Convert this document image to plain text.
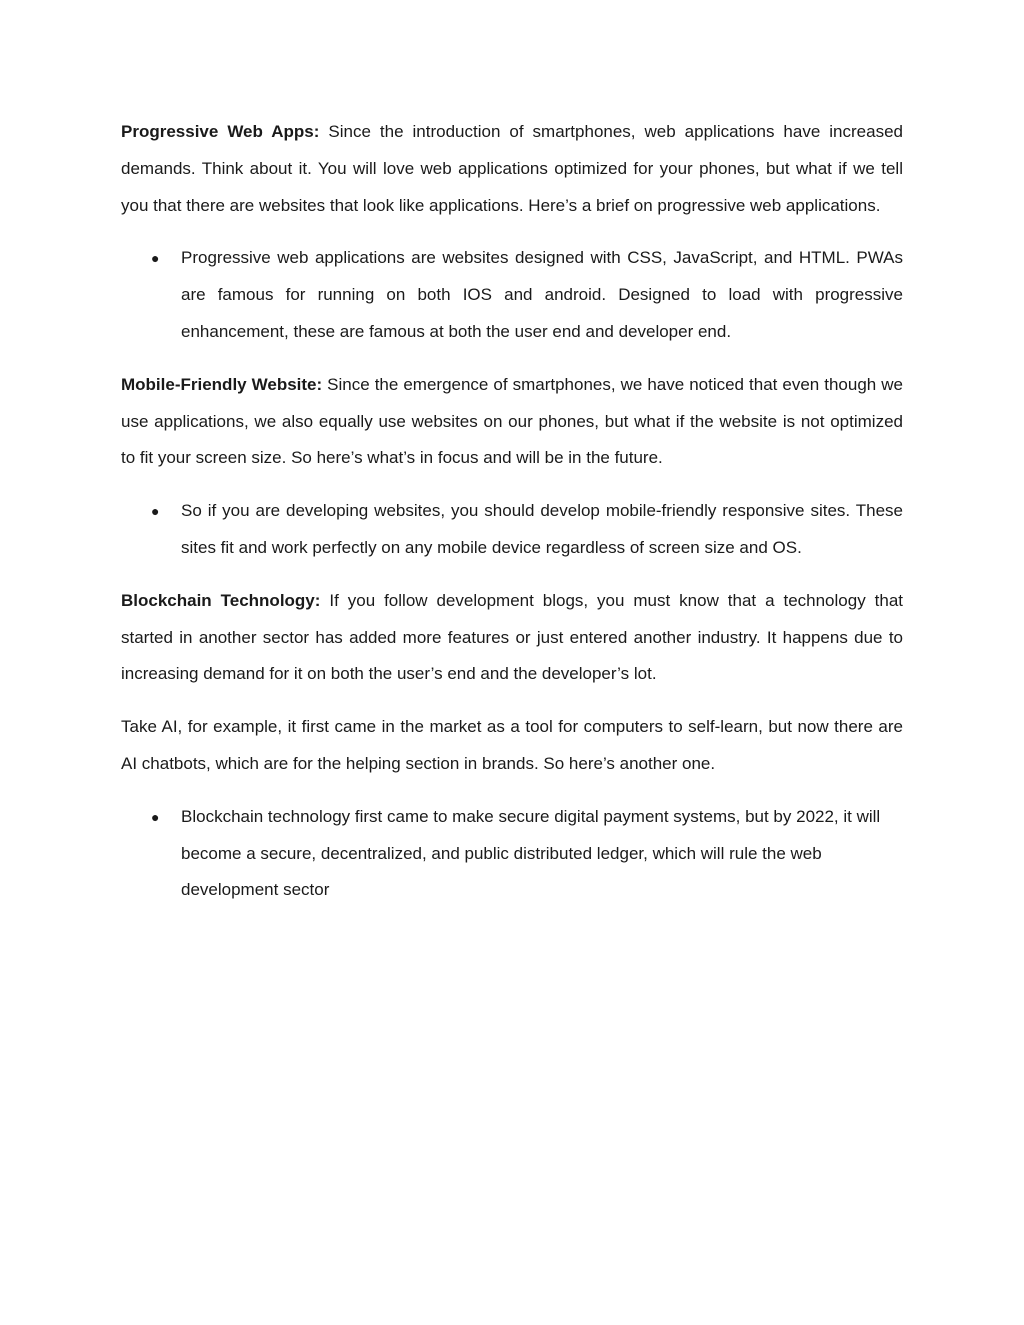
Progressive Web Apps: Since the introduction of smartphones, web applications have increased demands. Think about it. You will love web applications optimized for your phones, but what if we tell you that there are websites that look like applications. Here’s a brief on progressive web applications.

● Progressive web applications are websites designed with CSS, JavaScript, and HTML. PWAs are famous for running on both IOS and android. Designed to load with progressive enhancement, these are famous at both the user end and developer end.

Mobile-Friendly Website: Since the emergence of smartphones, we have noticed that even though we use applications, we also equally use websites on our phones, but what if the website is not optimized to fit your screen size. So here’s what’s in focus and will be in the future.

● So if you are developing websites, you should develop mobile-friendly responsive sites. These sites fit and work perfectly on any mobile device regardless of screen size and OS.

Blockchain Technology: If you follow development blogs, you must know that a technology that started in another sector has added more features or just entered another industry. It happens due to increasing demand for it on both the user’s end and the developer’s lot.

Take AI, for example, it first came in the market as a tool for computers to self-learn, but now there are AI chatbots, which are for the helping section in brands. So here’s another one.

● Blockchain technology first came to make secure digital payment systems, but by 2022, it will become a secure, decentralized, and public distributed ledger, which will rule the web development sector
